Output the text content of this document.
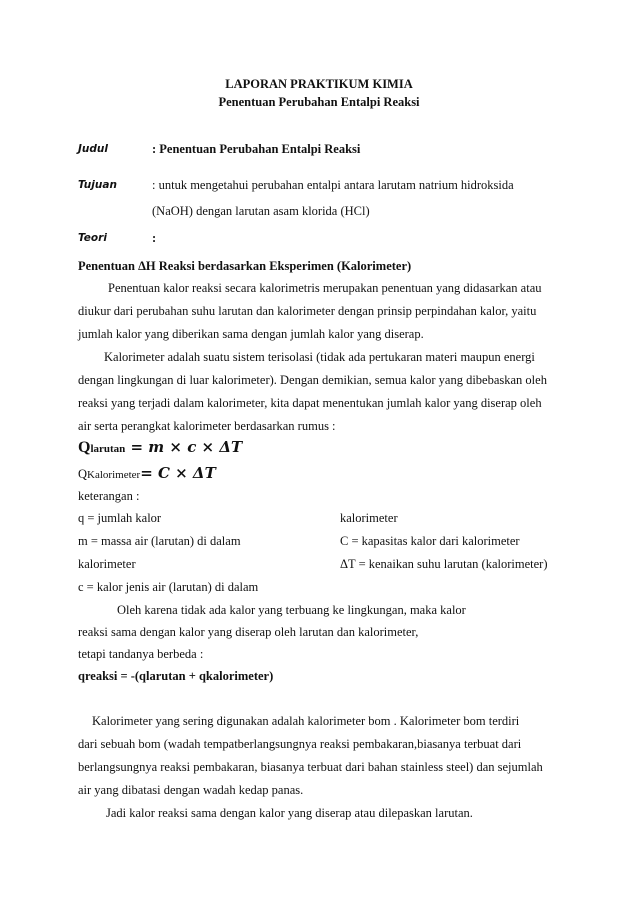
LAPORAN PRAKTIKUM KIMIA
Penentuan Perubahan Entalpi Reaksi
Judul	: Penentuan Perubahan Entalpi Reaksi
Tujuan	: untuk mengetahui perubahan entalpi antara larutam natrium hidroksida
(NaOH) dengan larutan asam klorida (HCl)
Teori	:
Penentuan ΔH Reaksi berdasarkan Eksperimen (Kalorimeter)
Penentuan kalor reaksi secara kalorimetris merupakan penentuan yang didasarkan atau
diukur dari perubahan suhu larutan dan kalorimeter dengan prinsip perpindahan kalor, yaitu
jumlah kalor yang diberikan sama dengan jumlah kalor yang diserap.
Kalorimeter adalah suatu sistem terisolasi (tidak ada pertukaran materi maupun energi
dengan lingkungan di luar kalorimeter). Dengan demikian, semua kalor yang dibebaskan oleh
reaksi yang terjadi dalam kalorimeter, kita dapat menentukan jumlah kalor yang diserap oleh
air serta perangkat kalorimeter berdasarkan rumus :
Qlarutan = m × c × ΔT
QKalorimeter= C × ΔT
keterangan :
q = jumlah kalor
m = massa air (larutan) di dalam
kalorimeter
c = kalor jenis air (larutan) di dalam
kalorimeter
C = kapasitas kalor dari kalorimeter
ΔT = kenaikan suhu larutan (kalorimeter)
Oleh karena tidak ada kalor yang terbuang ke lingkungan, maka kalor
reaksi sama dengan kalor yang diserap oleh larutan dan kalorimeter,
tetapi tandanya berbeda :
qreaksi = -(qlarutan + qkalorimeter)
Kalorimeter yang sering digunakan adalah kalorimeter bom . Kalorimeter bom terdiri
dari sebuah bom (wadah tempatberlangsungnya reaksi pembakaran,biasanya terbuat dari
berlangsungnya reaksi pembakaran, biasanya terbuat dari bahan stainless steel) dan sejumlah
air yang dibatasi dengan wadah kedap panas.
Jadi kalor reaksi sama dengan kalor yang diserap atau dilepaskan larutan.
